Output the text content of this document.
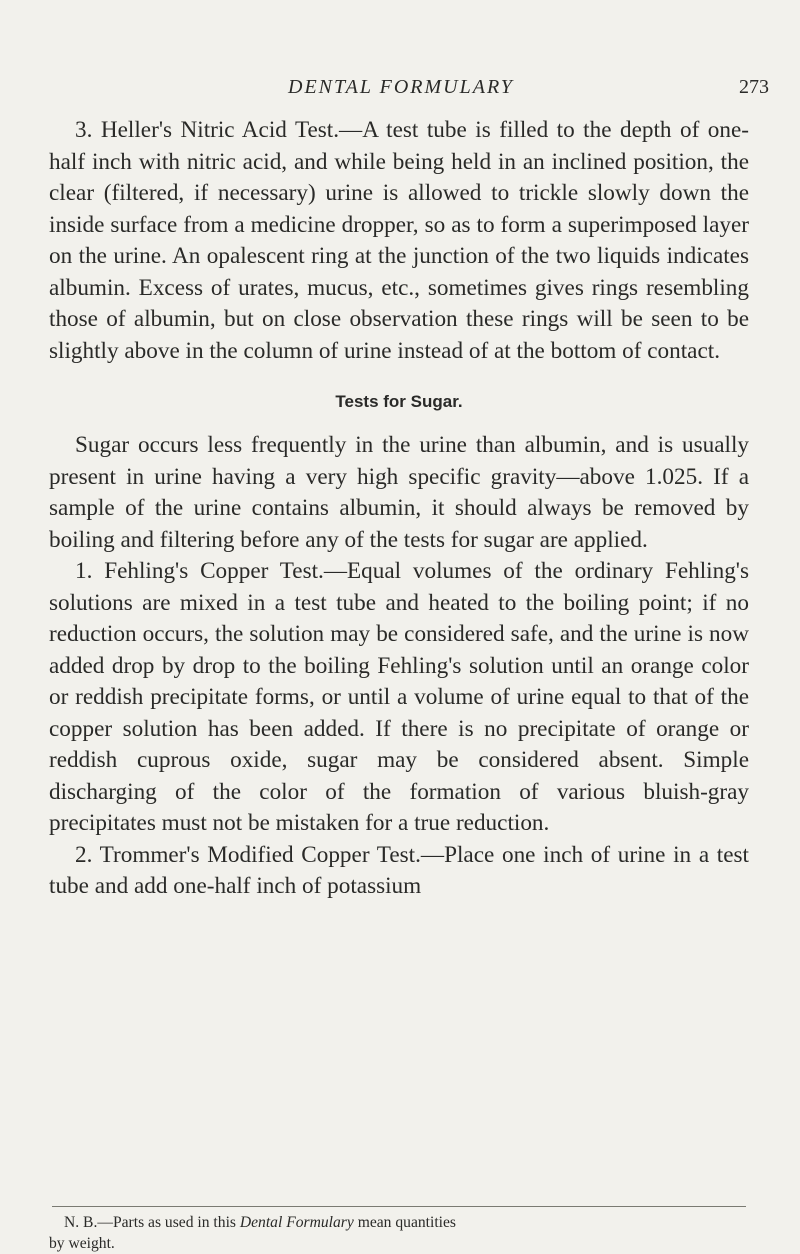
DENTAL FORMULARY	273

3. Heller's Nitric Acid Test.—A test tube is filled to the depth of one-half inch with nitric acid, and while being held in an inclined position, the clear (filtered, if necessary) urine is allowed to trickle slowly down the inside surface from a medicine dropper, so as to form a superimposed layer on the urine. An opalescent ring at the junction of the two liquids indicates albumin. Excess of urates, mucus, etc., sometimes gives rings resembling those of albumin, but on close observation these rings will be seen to be slightly above in the column of urine instead of at the bottom of contact.

Tests for Sugar.

Sugar occurs less frequently in the urine than albumin, and is usually present in urine having a very high specific gravity—above 1.025. If a sample of the urine contains albumin, it should always be removed by boiling and filtering before any of the tests for sugar are applied.

1. Fehling's Copper Test.—Equal volumes of the ordinary Fehling's solutions are mixed in a test tube and heated to the boiling point; if no reduction occurs, the solution may be considered safe, and the urine is now added drop by drop to the boiling Fehling's solution until an orange color or reddish precipitate forms, or until a volume of urine equal to that of the copper solution has been added. If there is no precipitate of orange or reddish cuprous oxide, sugar may be considered absent. Simple discharging of the color of the formation of various bluish-gray precipitates must not be mistaken for a true reduction.

2. Trommer's Modified Copper Test.—Place one inch of urine in a test tube and add one-half inch of potassium

N. B.—Parts as used in this Dental Formulary mean quantities
by weight.
